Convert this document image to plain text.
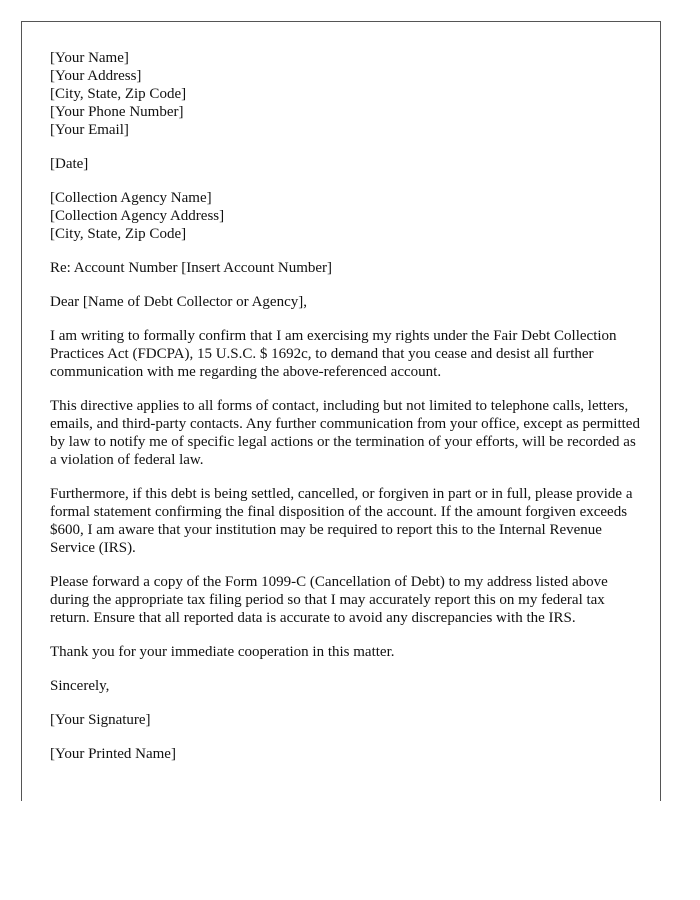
[Your Name]
[Your Address]
[City, State, Zip Code]
[Your Phone Number]
[Your Email]
[Date]
[Collection Agency Name]
[Collection Agency Address]
[City, State, Zip Code]
Re: Account Number [Insert Account Number]
Dear [Name of Debt Collector or Agency],

I am writing to formally confirm that I am exercising my rights under the Fair Debt Collection Practices Act (FDCPA), 15 U.S.C. $ 1692c, to demand that you cease and desist all further communication with me regarding the above-referenced account.

This directive applies to all forms of contact, including but not limited to telephone calls, letters, emails, and third-party contacts. Any further communication from your office, except as permitted by law to notify me of specific legal actions or the termination of your efforts, will be recorded as a violation of federal law.

Furthermore, if this debt is being settled, cancelled, or forgiven in part or in full, please provide a formal statement confirming the final disposition of the account. If the amount forgiven exceeds $600, I am aware that your institution may be required to report this to the Internal Revenue Service (IRS).

Please forward a copy of the Form 1099-C (Cancellation of Debt) to my address listed above during the appropriate tax filing period so that I may accurately report this on my federal tax return. Ensure that all reported data is accurate to avoid any discrepancies with the IRS.

Thank you for your immediate cooperation in this matter.

Sincerely,
[Your Signature]
[Your Printed Name]
